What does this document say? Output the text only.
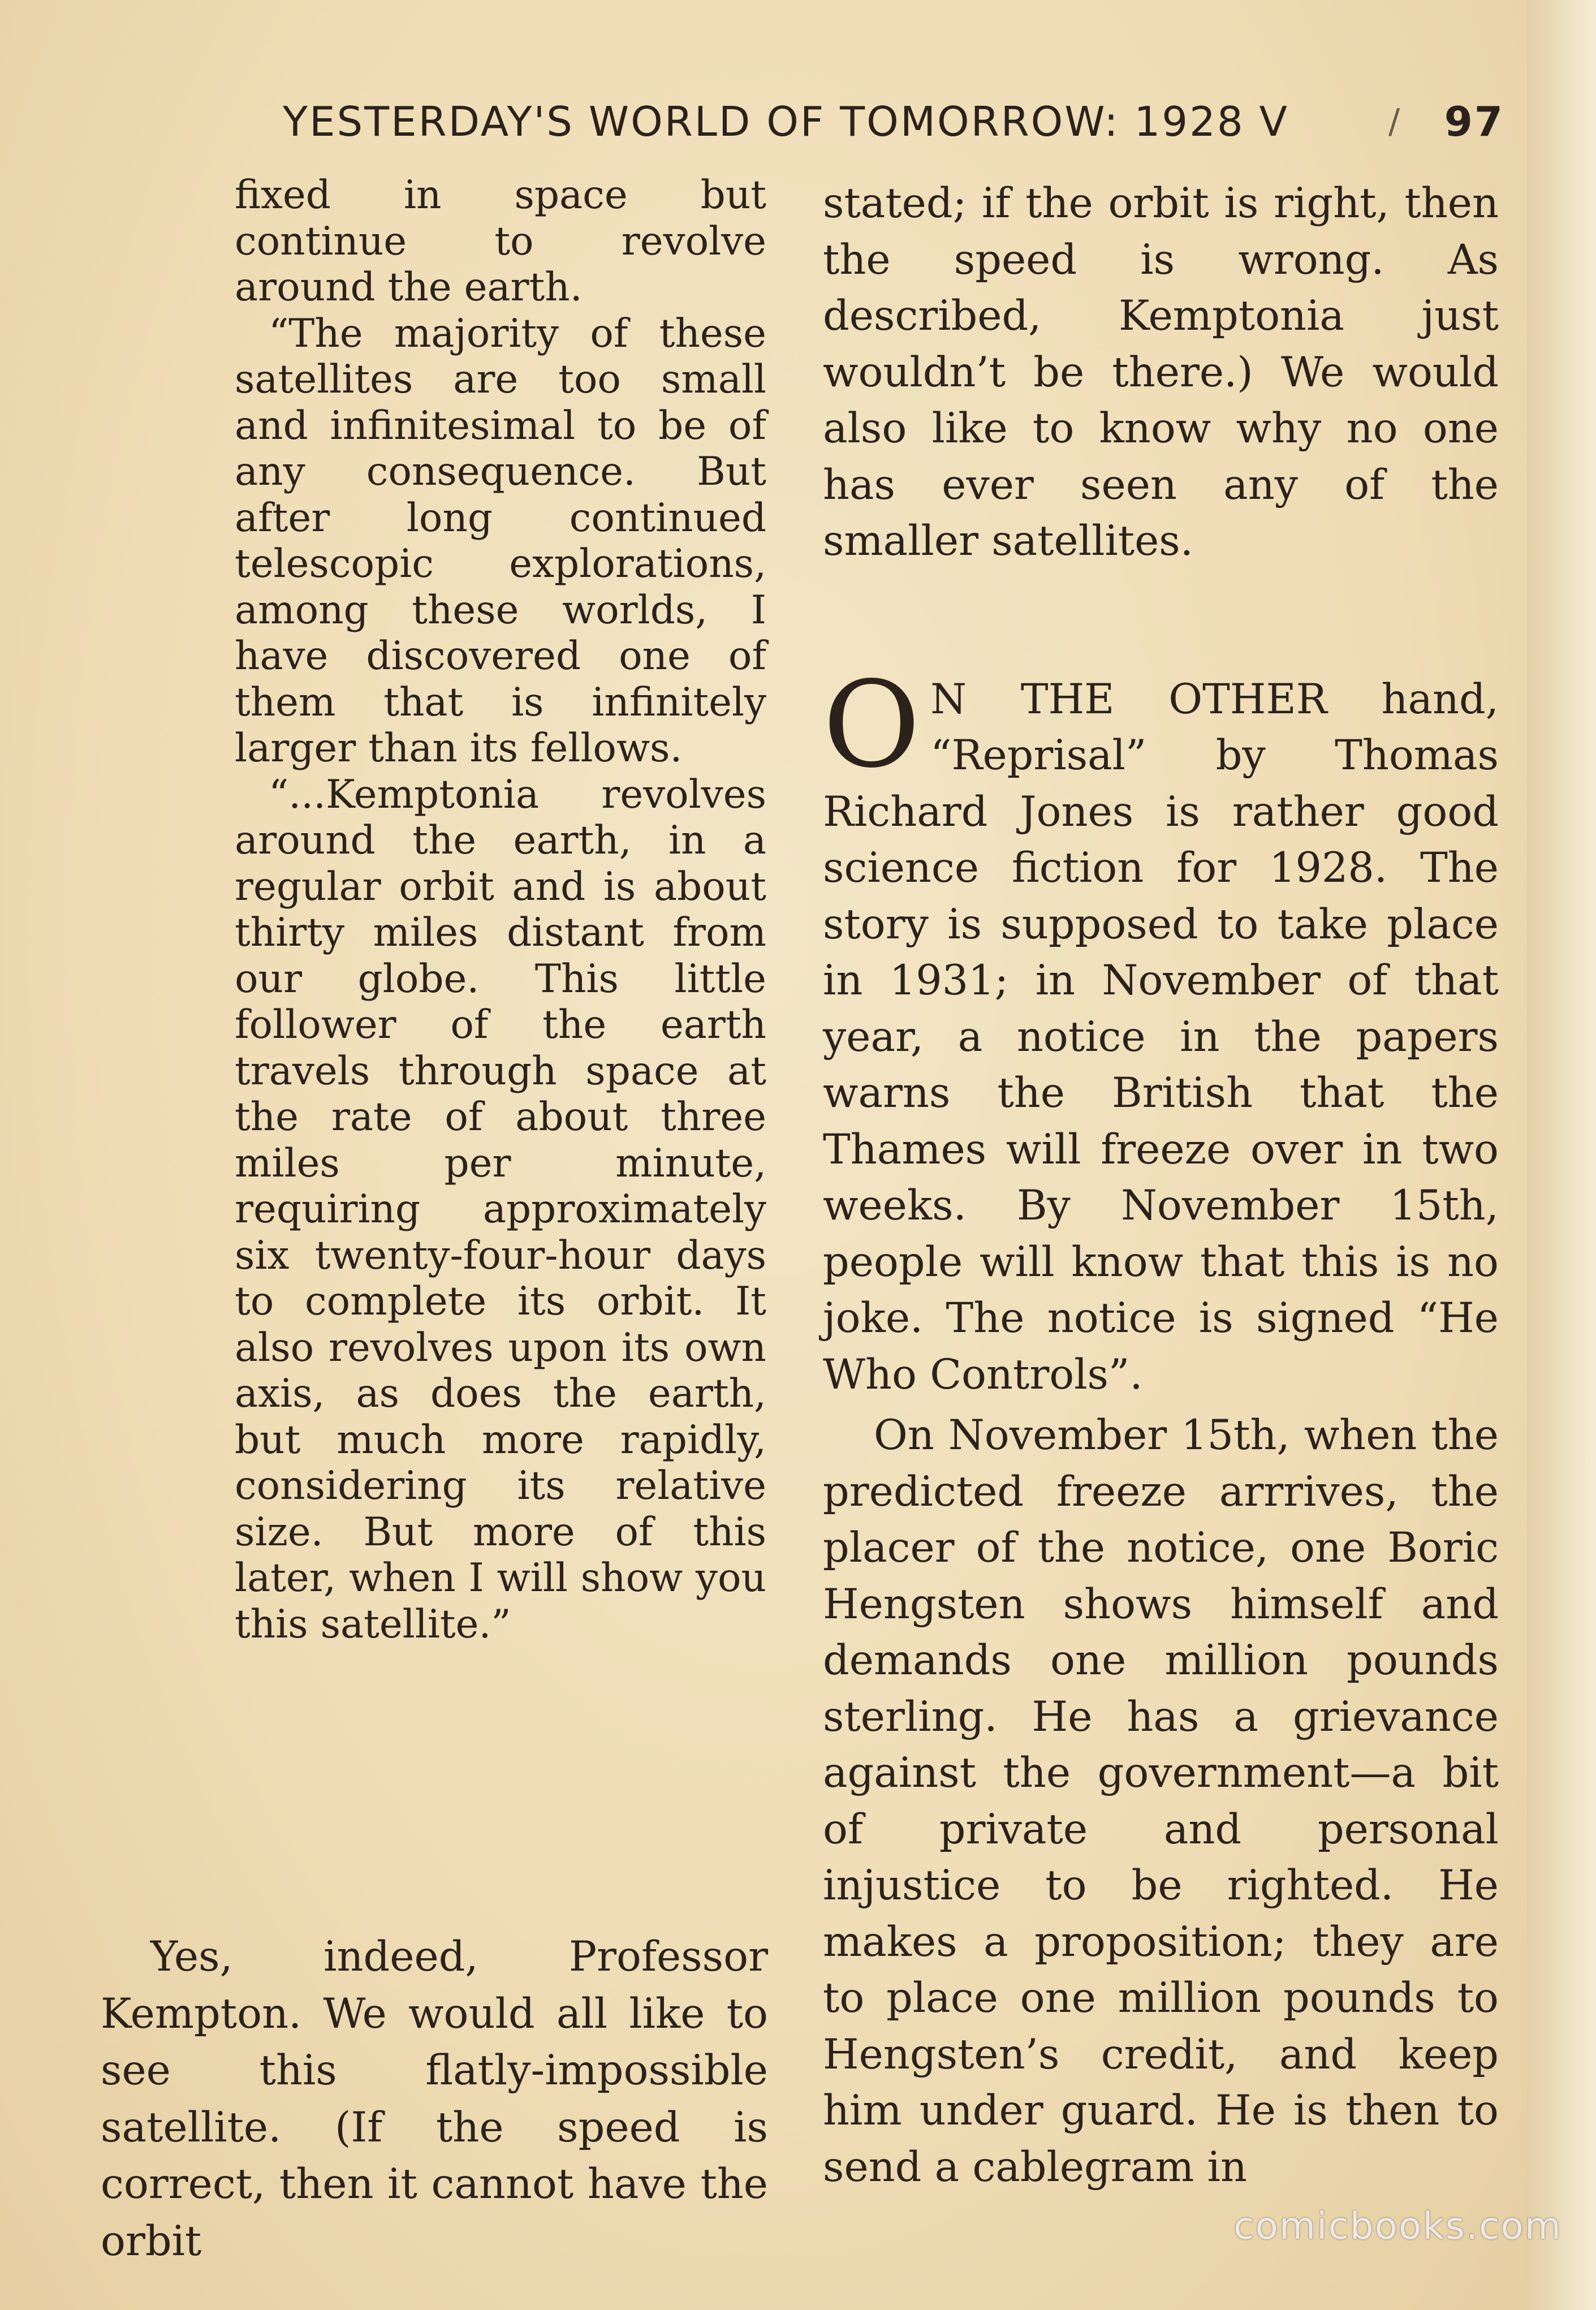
YESTERDAY'S WORLD OF TOMORROW: 1928 V	/ 97

fixed in space but continue to revolve around the earth.

“The majority of these satellites are too small and infinitesimal to be of any consequence. But after long continued telescopic explorations, among these worlds, I have discovered one of them that is infinitely larger than its fellows.

“...Kemptonia revolves around the earth, in a regular orbit and is about thirty miles distant from our globe. This little follower of the earth travels through space at the rate of about three miles per minute, requiring approximately six twenty-four-hour days to complete its orbit. It also revolves upon its own axis, as does the earth, but much more rapidly, considering its relative size. But more of this later, when I will show you this satellite.”

Yes, indeed, Professor Kempton. We would all like to see this flatly-impossible satellite. (If the speed is correct, then it cannot have the orbit

stated; if the orbit is right, then the speed is wrong. As described, Kemptonia just wouldn’t be there.) We would also like to know why no one has ever seen any of the smaller satellites.

O N THE OTHER hand, “Reprisal” by Thomas Richard Jones is rather good science fiction for 1928. The story is supposed to take place in 1931; in November of that year, a notice in the papers warns the British that the Thames will freeze over in two weeks. By November 15th, people will know that this is no joke. The notice is signed “He Who Controls”.

On November 15th, when the predicted freeze arrrives, the placer of the notice, one Boric Hengsten shows himself and demands one million pounds sterling. He has a grievance against the government—a bit of private and personal injustice to be righted. He makes a proposition; they are to place one million pounds to Hengsten’s credit, and keep him under guard. He is then to send a cablegram in

comicbooks.com
